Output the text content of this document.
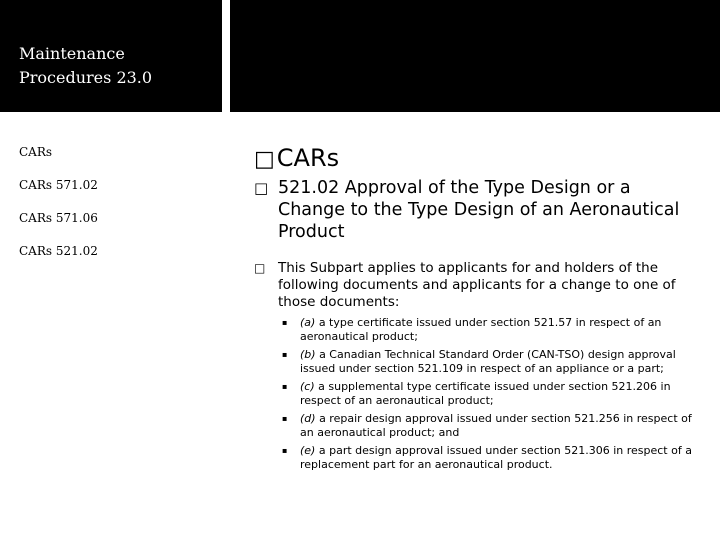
Maintenance Procedures 23.0
CARs
CARs 571.02
CARs 571.06
CARs 521.02
□CARs
□ 521.02 Approval of the Type Design or a Change to the Type Design of an Aeronautical Product
□ This Subpart applies to applicants for and holders of the following documents and applicants for a change to one of those documents:
▪	(a) a type certificate issued under section 521.57 in respect of an aeronautical product;
▪	(b) a Canadian Technical Standard Order (CAN-TSO) design approval issued under section 521.109 in respect of an appliance or a part;
▪	(c) a supplemental type certificate issued under section 521.206 in respect of an aeronautical product;
▪	(d) a repair design approval issued under section 521.256 in respect of an aeronautical product; and
▪	(e) a part design approval issued under section 521.306 in respect of a replacement part for an aeronautical product.
